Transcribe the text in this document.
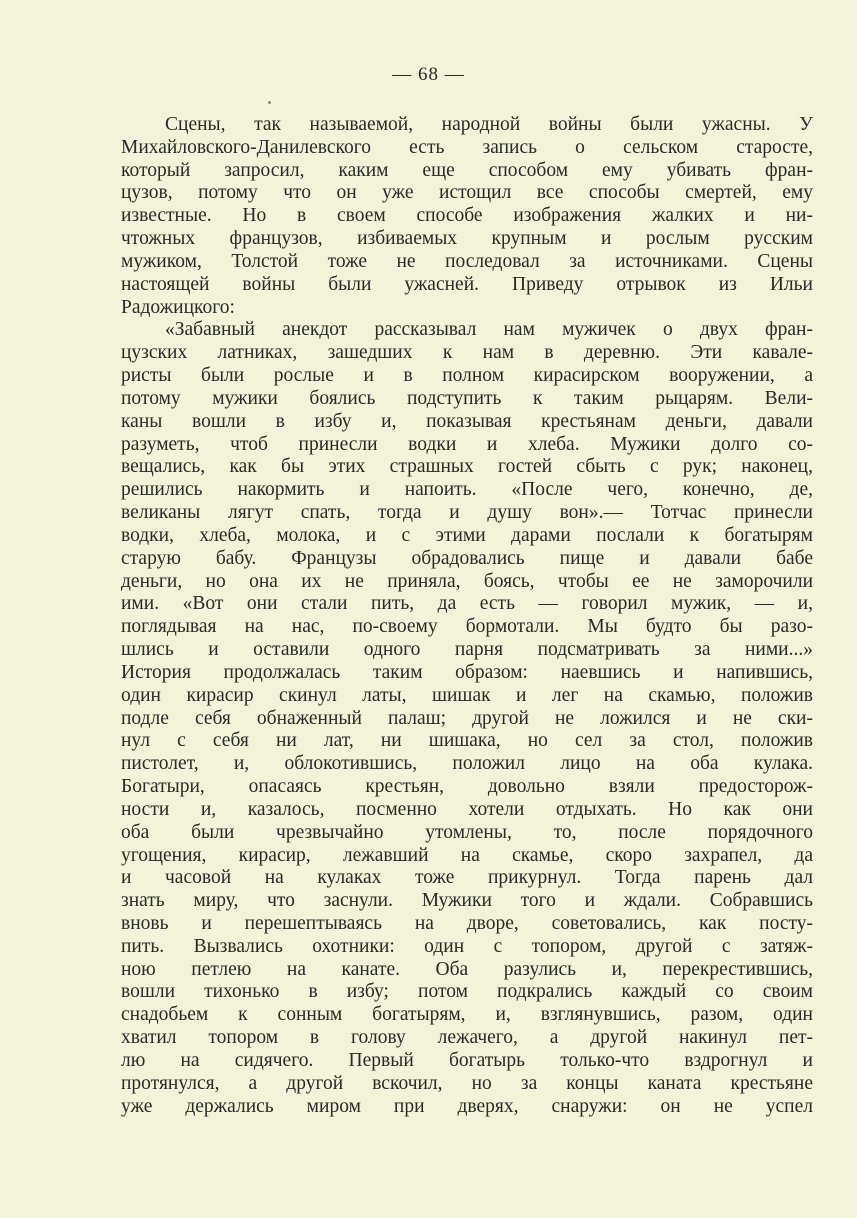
— 68 —
Сцены, так называемой, народной войны были ужасны. У
Михайловского-Данилевского есть запись о сельском старосте,
который запросил, каким еще способом ему убивать фран-
цузов, потому что он уже истощил все способы смертей, ему
известные. Но в своем способе изображения жалких и ни-
чтожных французов, избиваемых крупным и рослым русским
мужиком, Толстой тоже не последовал за источниками. Сцены
настоящей войны были ужасней. Приведу отрывок из Ильи
Радожицкого:
«Забавный анекдот рассказывал нам мужичек о двух фран-
цузских латниках, зашедших к нам в деревню. Эти кавале-
ристы были рослые и в полном кирасирском вооружении, а
потому мужики боялись подступить к таким рыцарям. Вели-
каны вошли в избу и, показывая крестьянам деньги, давали
разуметь, чтоб принесли водки и хлеба. Мужики долго со-
вещались, как бы этих страшных гостей сбыть с рук; наконец,
решились накормить и напоить. «После чего, конечно, де,
великаны лягут спать, тогда и душу вон».— Тотчас принесли
водки, хлеба, молока, и с этими дарами послали к богатырям
старую бабу. Французы обрадовались пище и давали бабе
деньги, но она их не приняла, боясь, чтобы ее не заморочили
ими. «Вот они стали пить, да есть — говорил мужик, — и,
поглядывая на нас, по-своему бормотали. Мы будто бы разо-
шлись и оставили одного парня подсматривать за ними...»
История продолжалась таким образом: наевшись и напившись,
один кирасир скинул латы, шишак и лег на скамью, положив
подле себя обнаженный палаш; другой не ложился и не ски-
нул с себя ни лат, ни шишака, но сел за стол, положив
пистолет, и, облокотившись, положил лицо на оба кулака.
Богатыри, опасаясь крестьян, довольно взяли предосторож-
ности и, казалось, посменно хотели отдыхать. Но как они
оба были чрезвычайно утомлены, то, после порядочного
угощения, кирасир, лежавший на скамье, скоро захрапел, да
и часовой на кулаках тоже прикурнул. Тогда парень дал
знать миру, что заснули. Мужики того и ждали. Собравшись
вновь и перешептываясь на дворе, советовались, как посту-
пить. Вызвались охотники: один с топором, другой с затяж-
ною петлею на канате. Оба разулись и, перекрестившись,
вошли тихонько в избу; потом подкрались каждый со своим
снадобьем к сонным богатырям, и, взглянувшись, разом, один
хватил топором в голову лежачего, а другой накинул пет-
лю на сидячего. Первый богатырь только-что вздрогнул и
протянулся, а другой вскочил, но за концы каната крестьяне
уже держались миром при дверях, снаружи: он не успел
